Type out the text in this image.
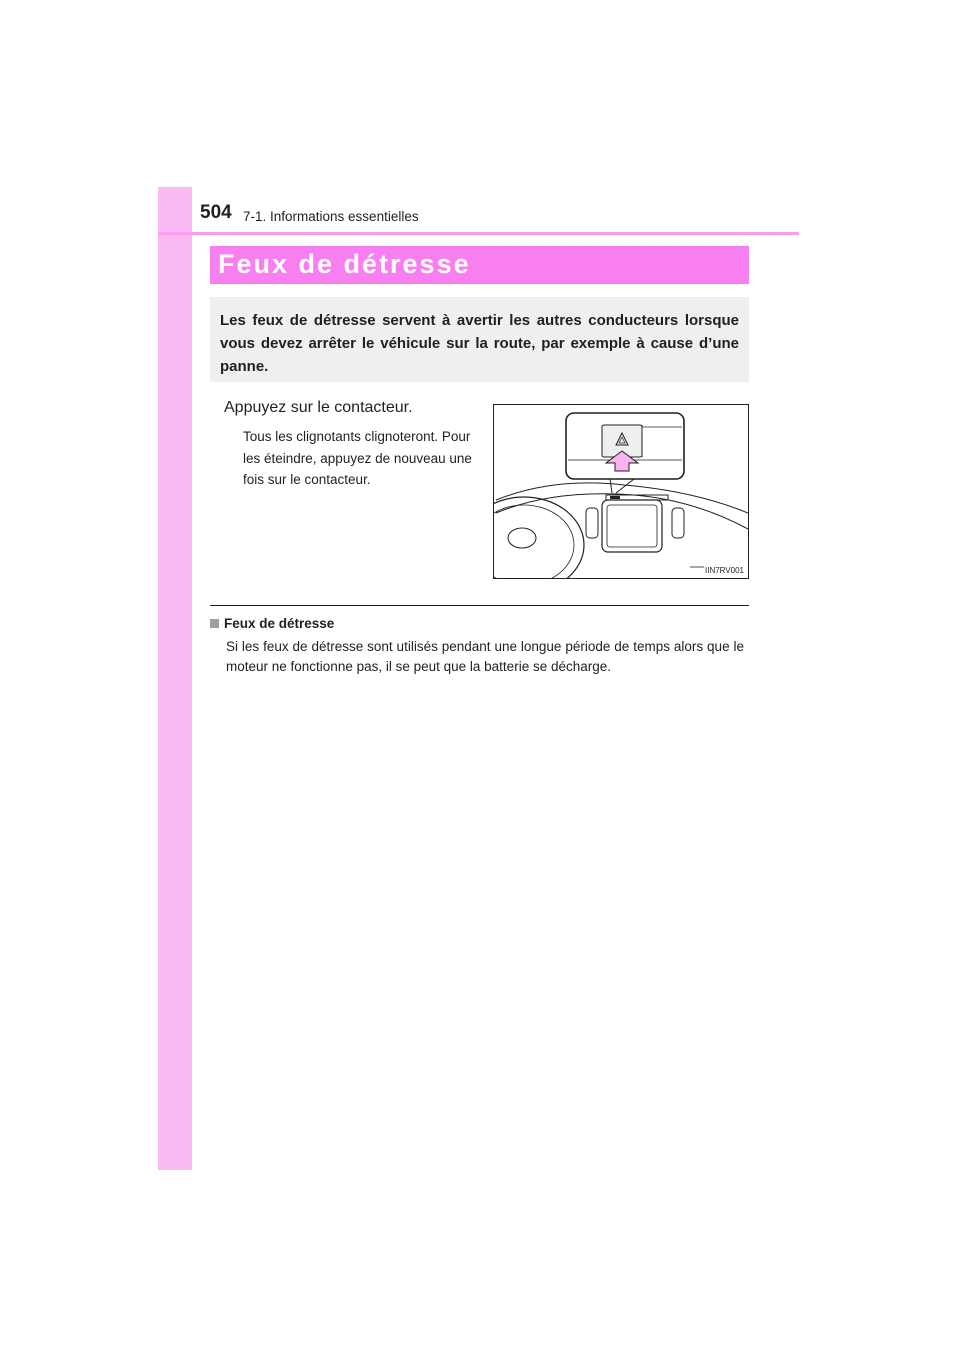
504 7-1. Informations essentielles
Feux de détresse
Les feux de détresse servent à avertir les autres conducteurs lorsque vous devez arrêter le véhicule sur la route, par exemple à cause d’une panne.
Appuyez sur le contacteur.
Tous les clignotants clignoteront. Pour les éteindre, appuyez de nouveau une fois sur le contacteur.
IIN7RV001
Feux de détresse
Si les feux de détresse sont utilisés pendant une longue période de temps alors que le moteur ne fonctionne pas, il se peut que la batterie se décharge.
